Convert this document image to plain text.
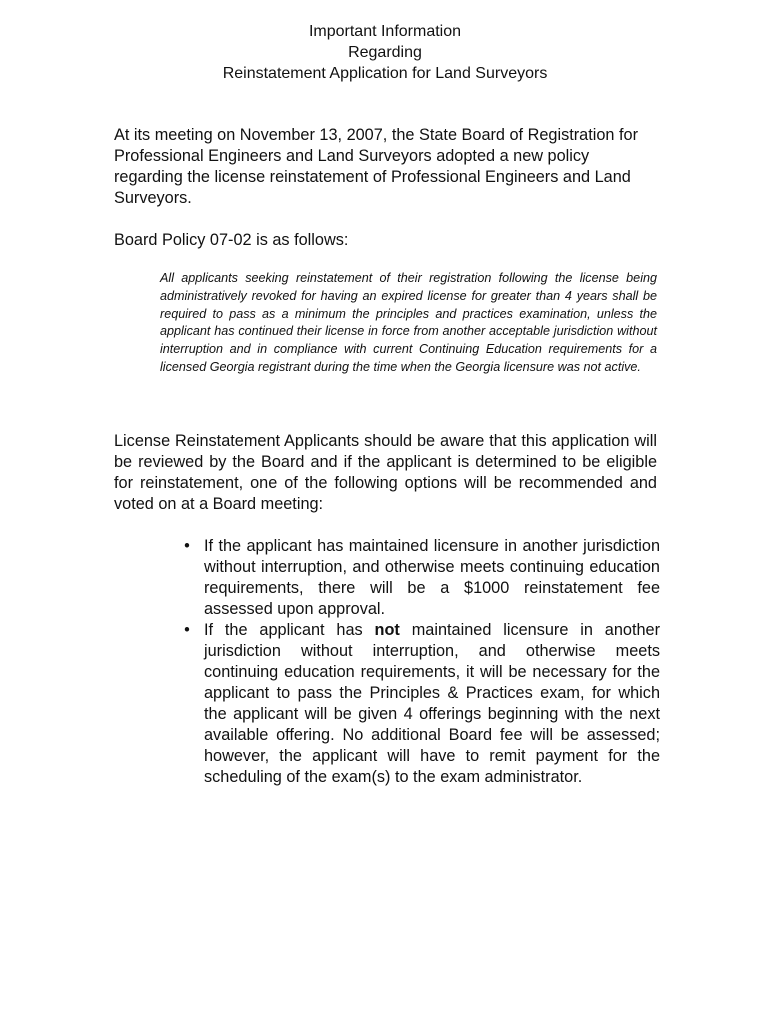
Important Information
Regarding
Reinstatement Application for Land Surveyors

At its meeting on November 13, 2007, the State Board of Registration for Professional Engineers and Land Surveyors adopted a new policy regarding the license reinstatement of Professional Engineers and Land Surveyors.

Board Policy 07-02 is as follows:

All applicants seeking reinstatement of their registration following the license being administratively revoked for having an expired license for greater than 4 years shall be required to pass as a minimum the principles and practices examination, unless the applicant has continued their license in force from another acceptable jurisdiction without interruption and in compliance with current Continuing Education requirements for a licensed Georgia registrant during the time when the Georgia licensure was not active.

License Reinstatement Applicants should be aware that this application will be reviewed by the Board and if the applicant is determined to be eligible for reinstatement, one of the following options will be recommended and voted on at a Board meeting:

• If the applicant has maintained licensure in another jurisdiction without interruption, and otherwise meets continuing education requirements, there will be a $1000 reinstatement fee assessed upon approval.
• If the applicant has not maintained licensure in another jurisdiction without interruption, and otherwise meets continuing education requirements, it will be necessary for the applicant to pass the Principles & Practices exam, for which the applicant will be given 4 offerings beginning with the next available offering. No additional Board fee will be assessed; however, the applicant will have to remit payment for the scheduling of the exam(s) to the exam administrator.
